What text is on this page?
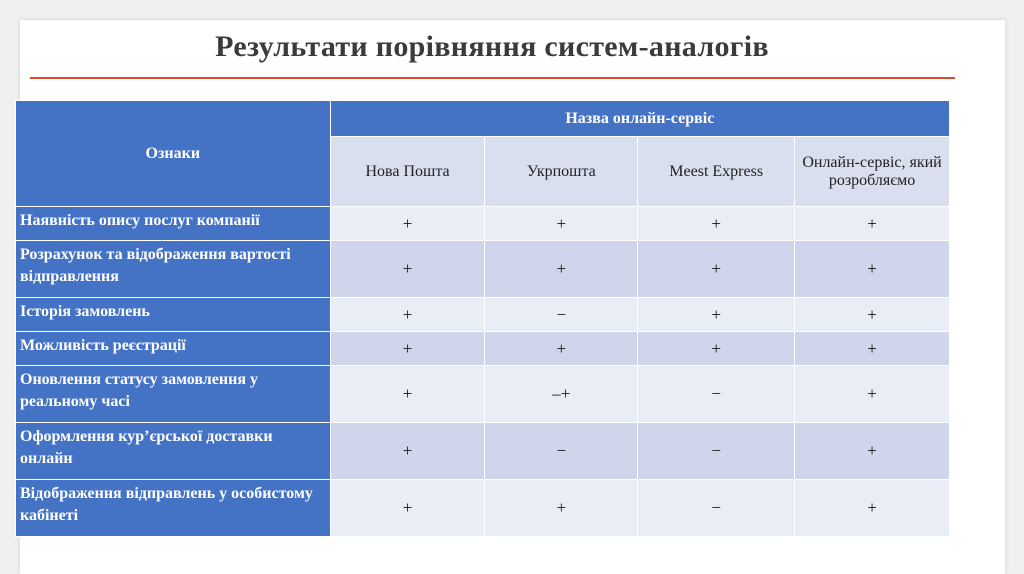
Результати порівняння систем-аналогів
Ознаки	Назва онлайн-сервіс			
	Нова Пошта	Укрпошта	Meest Express	Онлайн-сервіс, який розробляємо
Наявність опису послуг компанії	+	+	+	+
Розрахунок та відображення вартості відправлення	+	+	+	+
Історія замовлень	+	−	+	+
Можливість реєстрації	+	+	+	+
Оновлення статусу замовлення у реальному часі	+	–+	−	+
Оформлення кур’єрської доставки онлайн	+	−	−	+
Відображення відправлень у особистому кабінеті	+	+	−	+
